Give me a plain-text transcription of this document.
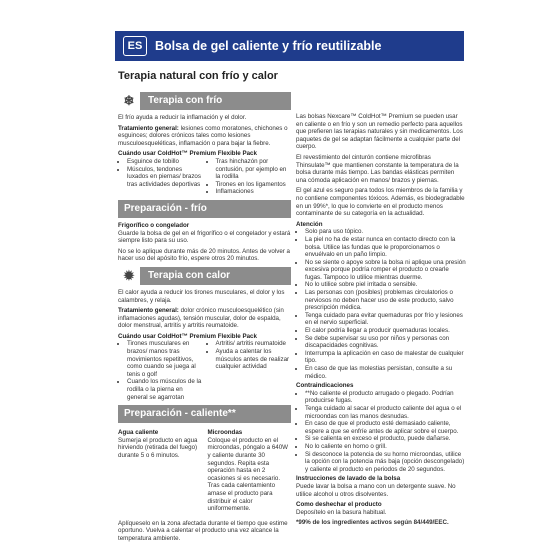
ES	Bolsa de gel caliente y frío reutilizable
Terapia natural con frío y calor
❄	Terapia con frío

El frío ayuda a reducir la inflamación y el dolor.

Tratamiento general: lesiones como moratones, chichones o esguinces; dolores crónicos tales como lesiones musculoesqueléticas, inflamación o para bajar la fiebre.

Cuándo usar ColdHot™ Premium Flexible Pack
• Esguince de tobillo
• Músculos, tendones luxados en piernas/ brazos tras actividades deportivas
• Tras hinchazón por contusión, por ejemplo en la rodilla
• Tirones en los ligamentos
• Inflamaciones
Preparación - frío
Frigorífico o congelador

Guarde la bolsa de gel en el frigorífico o el congelador y estará siempre listo para su uso.

No se lo aplique durante más de 20 minutos. Antes de volver a hacer uso del apósito frío, espere otros 20 minutos.

✹	Terapia con calor

El calor ayuda a reducir los tirones musculares, el dolor y los calambres, y relaja.

Tratamiento general: dolor crónico musculoesquelético (sin inflamaciones agudas), tensión muscular, dolor de espalda, dolor menstrual, artritis y artritis reumatoide.

Cuándo usar ColdHot™ Premium Flexible Pack
• Tirones musculares en brazos/ manos tras movimientos repetitivos, como cuando se juega al tenis o golf
• Cuando los músculos de la rodilla o la pierna en general se agarrotan
• Artritis/ artritis reumatoide
• Ayuda a calentar los músculos antes de realizar cualquier actividad
Preparación - caliente**
Agua caliente

Sumerja el producto en agua hirviendo (retirada del fuego) durante 5 o 6 minutos.

Microondas

Coloque el producto en el microondas, póngalo a 640W y caliente durante 30 segundos. Repita esta operación hasta en 2 ocasiones si es necesario. Tras cada calentamiento amase el producto para distribuir el calor uniformemente.

Aplíqueselo en la zona afectada durante el tiempo que estime oportuno. Vuelva a calentar el producto una vez alcance la temperatura ambiente.

Las bolsas Nexcare™ ColdHot™ Premium se pueden usar en caliente o en frío y son un remedio perfecto para aquellos que prefieren las terapias naturales y sin medicamentos. Los paquetes de gel se adaptan fácilmente a cualquier parte del cuerpo.

El revestimiento del cinturón contiene microfibras Thinsulate™ que mantienen constante la temperatura de la bolsa durante más tiempo. Las bandas elásticas permiten una cómoda aplicación en manos/ brazos y piernas.

El gel azul es seguro para todos los miembros de la familia y no contiene componentes tóxicos. Además, es biodegradable en un 99%*, lo que lo convierte en el producto menos contaminante de su categoría en la actualidad.

Atención
• Solo para uso tópico.
• La piel no ha de estar nunca en contacto directo con la bolsa. Utilice las fundas que le proporcionamos o envuélvalo en un paño limpio.
• No se siente o apoye sobre la bolsa ni aplique una presión excesiva porque podría romper el producto o crearle fugas. Tampoco lo utilice mientras duerme.
• No lo utilice sobre piel irritada o sensible.
• Las personas con (posibles) problemas circulatorios o nerviosos no deben hacer uso de este producto, salvo prescripción médica.
• Tenga cuidado para evitar quemaduras por frío y lesiones en el nervio superficial.
• El calor podría llegar a producir quemaduras locales.
• Se debe supervisar su uso por niños y personas con discapacidades cognitivas.
• Interrumpa la aplicación en caso de malestar de cualquier tipo.
• En caso de que las molestias persistan, consulte a su médico.
Contraindicaciones
• **No caliente el producto arrugado o plegado. Podrían producirse fugas.
• Tenga cuidado al sacar el producto caliente del agua o el microondas con las manos desnudas.
• En caso de que el producto esté demasiado caliente, espere a que se enfríe antes de aplicar sobre el cuerpo.
• Si se calienta en exceso el producto, puede dañarse.
• No lo caliente en horno o grill.
• Si desconoce la potencia de su horno microondas, utilice la opción con la potencia más baja (opción descongelado) y caliente el producto en periodos de 20 segundos.
Instrucciones de lavado de la bolsa

Puede lavar la bolsa a mano con un detergente suave. No utilice alcohol u otros disolventes.

Como deshechar el producto

Deposítelo en la basura habitual.

*99% de los ingredientes activos según 84/449/EEC.
